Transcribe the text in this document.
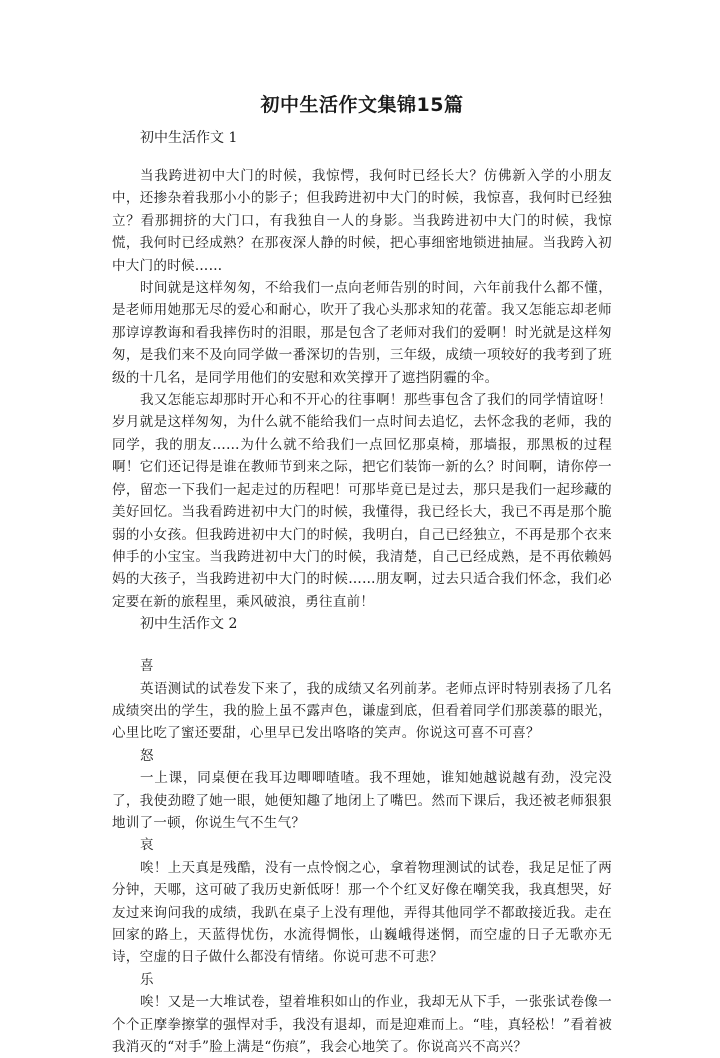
初中生活作文集锦15篇

初中生活作文 1

当我跨进初中大门的时候，我惊愕，我何时已经长大？仿佛新入学的小朋友中，还掺杂着我那小小的影子；但我跨进初中大门的时候，我惊喜，我何时已经独立？看那拥挤的大门口，有我独自一人的身影。当我跨进初中大门的时候，我惊慌，我何时已经成熟？在那夜深人静的时候，把心事细密地锁进抽屉。当我跨入初中大门的时候……

时间就是这样匆匆，不给我们一点向老师告别的时间，六年前我什么都不懂，是老师用她那无尽的爱心和耐心，吹开了我心头那求知的花蕾。我又怎能忘却老师那谆谆教诲和看我摔伤时的泪眼，那是包含了老师对我们的爱啊！时光就是这样匆匆，是我们来不及向同学做一番深切的告别，三年级，成绩一项较好的我考到了班级的十几名，是同学用他们的安慰和欢笑撑开了遮挡阴霾的伞。

我又怎能忘却那时开心和不开心的往事啊！那些事包含了我们的同学情谊呀！岁月就是这样匆匆，为什么就不能给我们一点时间去追忆，去怀念我的老师，我的同学，我的朋友……为什么就不给我们一点回忆那桌椅，那墙报，那黑板的过程啊！它们还记得是谁在教师节到来之际，把它们装饰一新的么？时间啊，请你停一停，留恋一下我们一起走过的历程吧！可那毕竟已是过去，那只是我们一起珍藏的美好回忆。当我看跨进初中大门的时候，我懂得，我已经长大，我已不再是那个脆弱的小女孩。但我跨进初中大门的时候，我明白，自己已经独立，不再是那个衣来伸手的小宝宝。当我跨进初中大门的时候，我清楚，自己已经成熟，是不再依赖妈妈的大孩子，当我跨进初中大门的时候……朋友啊，过去只适合我们怀念，我们必定要在新的旅程里，乘风破浪，勇往直前！

初中生活作文 2

喜

英语测试的试卷发下来了，我的成绩又名列前茅。老师点评时特别表扬了几名成绩突出的学生，我的脸上虽不露声色，谦虚到底，但看着同学们那羡慕的眼光，心里比吃了蜜还要甜，心里早已发出咯咯的笑声。你说这可喜不可喜？

怒

一上课，同桌便在我耳边唧唧喳喳。我不理她，谁知她越说越有劲，没完没了，我使劲瞪了她一眼，她便知趣了地闭上了嘴巴。然而下课后，我还被老师狠狠地训了一顿，你说生气不生气？

哀

唉！上天真是残酷，没有一点怜悯之心，拿着物理测试的试卷，我足足怔了两分钟，天哪，这可破了我历史新低呀！那一个个红叉好像在嘲笑我，我真想哭，好友过来询问我的成绩，我趴在桌子上没有理他，弄得其他同学不都敢接近我。走在回家的路上，天蓝得忧伤，水流得惆怅，山巍峨得迷惘，而空虚的日子无歌亦无诗，空虚的日子做什么都没有情绪。你说可悲不可悲？

乐

唉！又是一大堆试卷，望着堆积如山的作业，我却无从下手，一张张试卷像一个个正摩拳擦掌的强悍对手，我没有退却，而是迎难而上。“哇，真轻松！”看着被我消灭的“对手”脸上满是“伤痕”，我会心地笑了。你说高兴不高兴？
